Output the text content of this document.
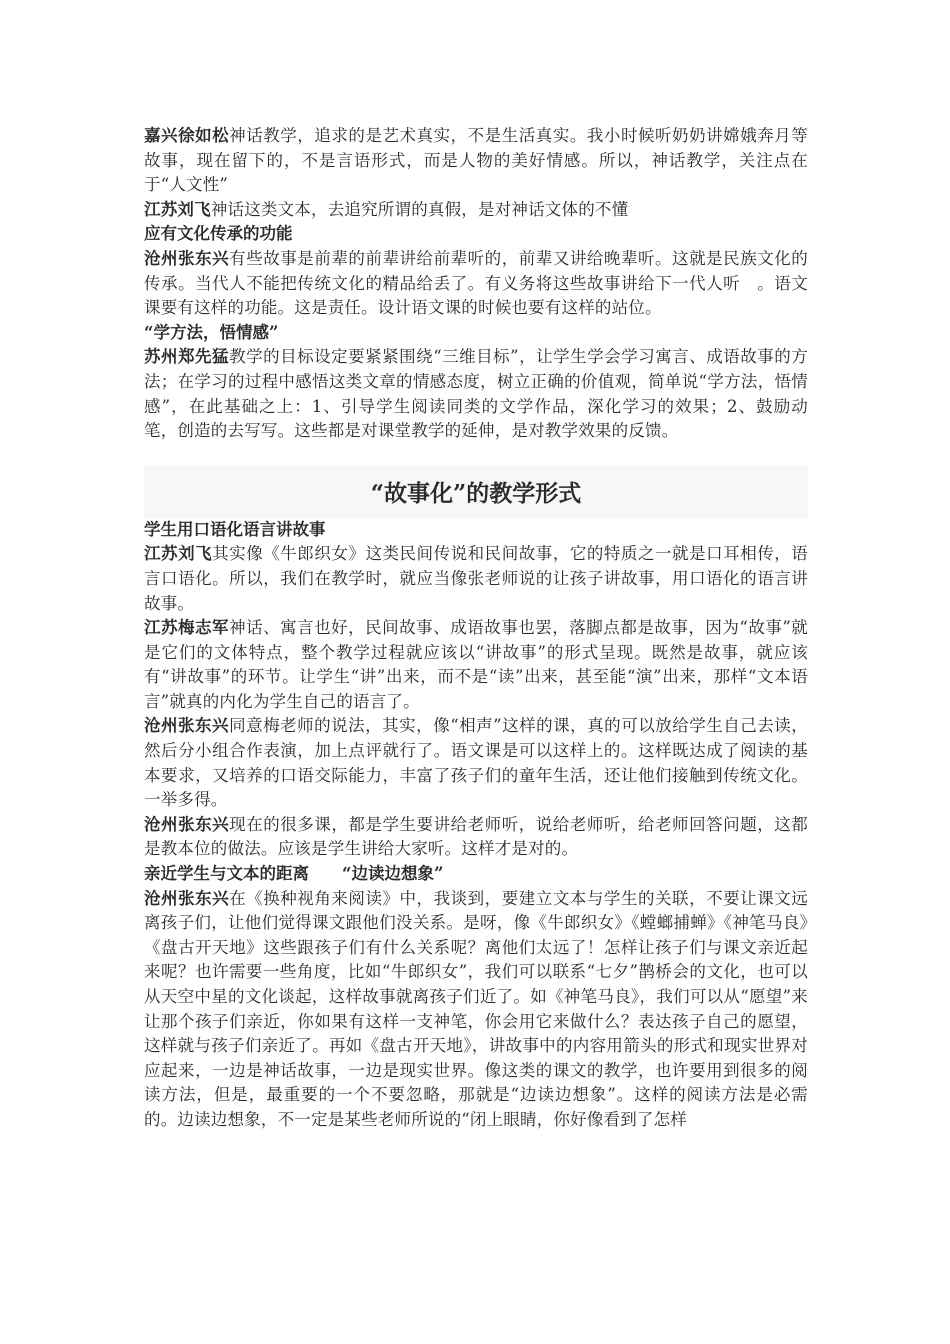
嘉兴徐如松神话教学，追求的是艺术真实，不是生活真实。我小时候听奶奶讲嫦娥奔月等故事，现在留下的，不是言语形式，而是人物的美好情感。所以，神话教学，关注点在于“人文性”

江苏刘飞神话这类文本，去追究所谓的真假，是对神话文体的不懂

应有文化传承的功能

沧州张东兴有些故事是前辈的前辈讲给前辈听的，前辈又讲给晚辈听。这就是民族文化的传承。当代人不能把传统文化的精品给丢了。有义务将这些故事讲给下一代人听　。语文课要有这样的功能。这是责任。设计语文课的时候也要有这样的站位。

“学方法，悟情感”

苏州郑先猛教学的目标设定要紧紧围绕“三维目标”，让学生学会学习寓言、成语故事的方法；在学习的过程中感悟这类文章的情感态度，树立正确的价值观，简单说“学方法，悟情感”，在此基础之上：1、引导学生阅读同类的文学作品，深化学习的效果；2、鼓励动笔，创造的去写写。这些都是对课堂教学的延伸，是对教学效果的反馈。

“故事化”的教学形式

学生用口语化语言讲故事

江苏刘飞其实像《牛郎织女》这类民间传说和民间故事，它的特质之一就是口耳相传，语言口语化。所以，我们在教学时，就应当像张老师说的让孩子讲故事，用口语化的语言讲故事。

江苏梅志军神话、寓言也好，民间故事、成语故事也罢，落脚点都是故事，因为“故事”就是它们的文体特点，整个教学过程就应该以“讲故事”的形式呈现。既然是故事，就应该有“讲故事”的环节。让学生“讲”出来，而不是“读”出来，甚至能“演”出来，那样“文本语言”就真的内化为学生自己的语言了。

沧州张东兴同意梅老师的说法，其实，像“相声”这样的课，真的可以放给学生自己去读，然后分小组合作表演，加上点评就行了。语文课是可以这样上的。这样既达成了阅读的基本要求，又培养的口语交际能力，丰富了孩子们的童年生活，还让他们接触到传统文化。一举多得。

沧州张东兴现在的很多课，都是学生要讲给老师听，说给老师听，给老师回答问题，这都是教本位的做法。应该是学生讲给大家听。这样才是对的。

亲近学生与文本的距离　　“边读边想象”

沧州张东兴在《换种视角来阅读》中，我谈到，要建立文本与学生的关联，不要让课文远离孩子们，让他们觉得课文跟他们没关系。是呀，像《牛郎织女》《螳螂捕蝉》《神笔马良》《盘古开天地》这些跟孩子们有什么关系呢？离他们太远了！怎样让孩子们与课文亲近起来呢？也许需要一些角度，比如“牛郎织女”，我们可以联系“七夕”鹊桥会的文化，也可以从天空中星的文化谈起，这样故事就离孩子们近了。如《神笔马良》，我们可以从“愿望”来让那个孩子们亲近，你如果有这样一支神笔，你会用它来做什么？表达孩子自己的愿望，这样就与孩子们亲近了。再如《盘古开天地》，讲故事中的内容用箭头的形式和现实世界对应起来，一边是神话故事，一边是现实世界。像这类的课文的教学，也许要用到很多的阅读方法，但是，最重要的一个不要忽略，那就是“边读边想象”。这样的阅读方法是必需的。边读边想象，不一定是某些老师所说的“闭上眼睛，你好像看到了怎样
